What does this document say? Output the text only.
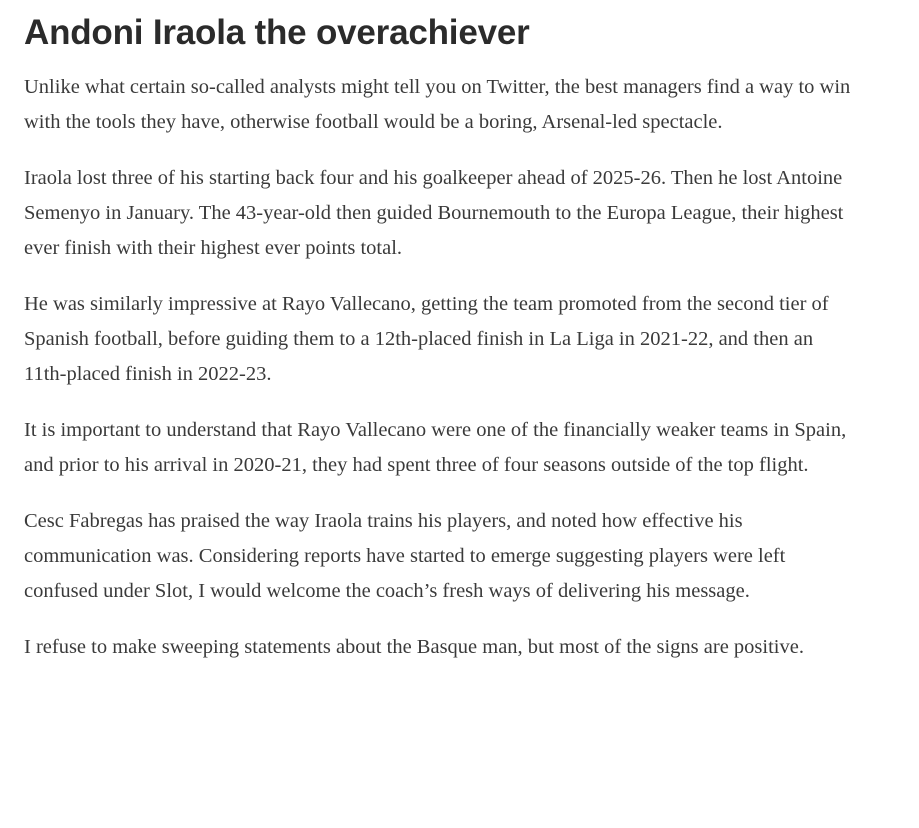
Andoni Iraola the overachiever

Unlike what certain so-called analysts might tell you on Twitter, the best managers find a way to win with the tools they have, otherwise football would be a boring, Arsenal-led spectacle.

Iraola lost three of his starting back four and his goalkeeper ahead of 2025-26. Then he lost Antoine Semenyo in January. The 43-year-old then guided Bournemouth to the Europa League, their highest ever finish with their highest ever points total.

He was similarly impressive at Rayo Vallecano, getting the team promoted from the second tier of Spanish football, before guiding them to a 12th-placed finish in La Liga in 2021-22, and then an 11th-placed finish in 2022-23.

It is important to understand that Rayo Vallecano were one of the financially weaker teams in Spain, and prior to his arrival in 2020-21, they had spent three of four seasons outside of the top flight.

Cesc Fabregas has praised the way Iraola trains his players, and noted how effective his communication was. Considering reports have started to emerge suggesting players were left confused under Slot, I would welcome the coach’s fresh ways of delivering his message.

I refuse to make sweeping statements about the Basque man, but most of the signs are positive.
